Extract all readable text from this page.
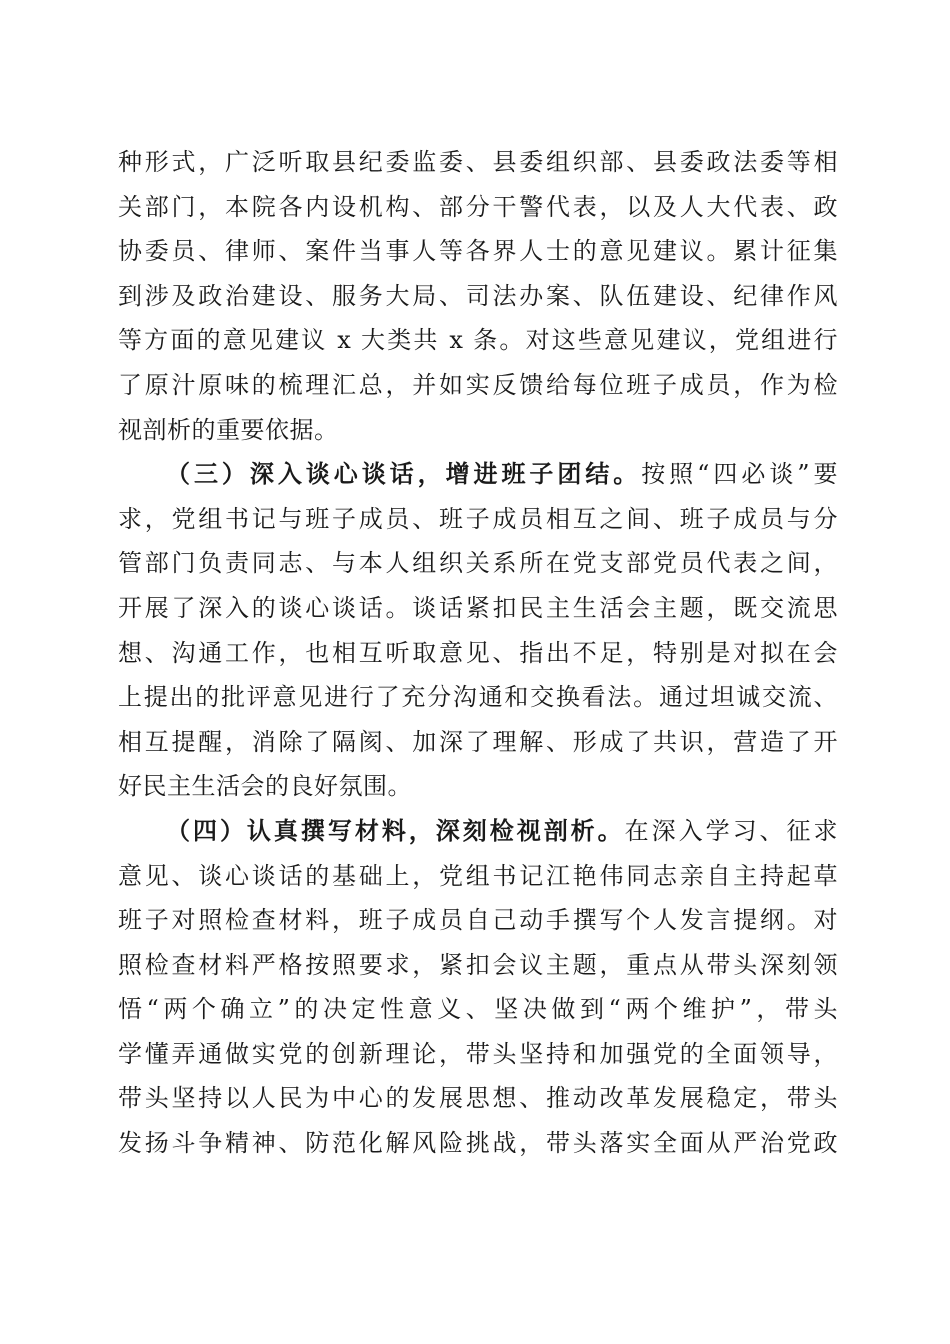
种形式，广泛听取县纪委监委、县委组织部、县委政法委等相
关部门，本院各内设机构、部分干警代表，以及人大代表、政
协委员、律师、案件当事人等各界人士的意见建议。累计征集
到涉及政治建设、服务大局、司法办案、队伍建设、纪律作风
等方面的意见建议 x 大类共 x 条。对这些意见建议，党组进行
了原汁原味的梳理汇总，并如实反馈给每位班子成员，作为检
视剖析的重要依据。
（三）深入谈心谈话，增进班子团结。按照“四必谈”要
求，党组书记与班子成员、班子成员相互之间、班子成员与分
管部门负责同志、与本人组织关系所在党支部党员代表之间，
开展了深入的谈心谈话。谈话紧扣民主生活会主题，既交流思
想、沟通工作，也相互听取意见、指出不足，特别是对拟在会
上提出的批评意见进行了充分沟通和交换看法。通过坦诚交流、
相互提醒，消除了隔阂、加深了理解、形成了共识，营造了开
好民主生活会的良好氛围。
（四）认真撰写材料，深刻检视剖析。在深入学习、征求
意见、谈心谈话的基础上，党组书记江艳伟同志亲自主持起草
班子对照检查材料，班子成员自己动手撰写个人发言提纲。对
照检查材料严格按照要求，紧扣会议主题，重点从带头深刻领
悟“两个确立”的决定性意义、坚决做到“两个维护”，带头
学懂弄通做实党的创新理论，带头坚持和加强党的全面领导，
带头坚持以人民为中心的发展思想、推动改革发展稳定，带头
发扬斗争精神、防范化解风险挑战，带头落实全面从严治党政
